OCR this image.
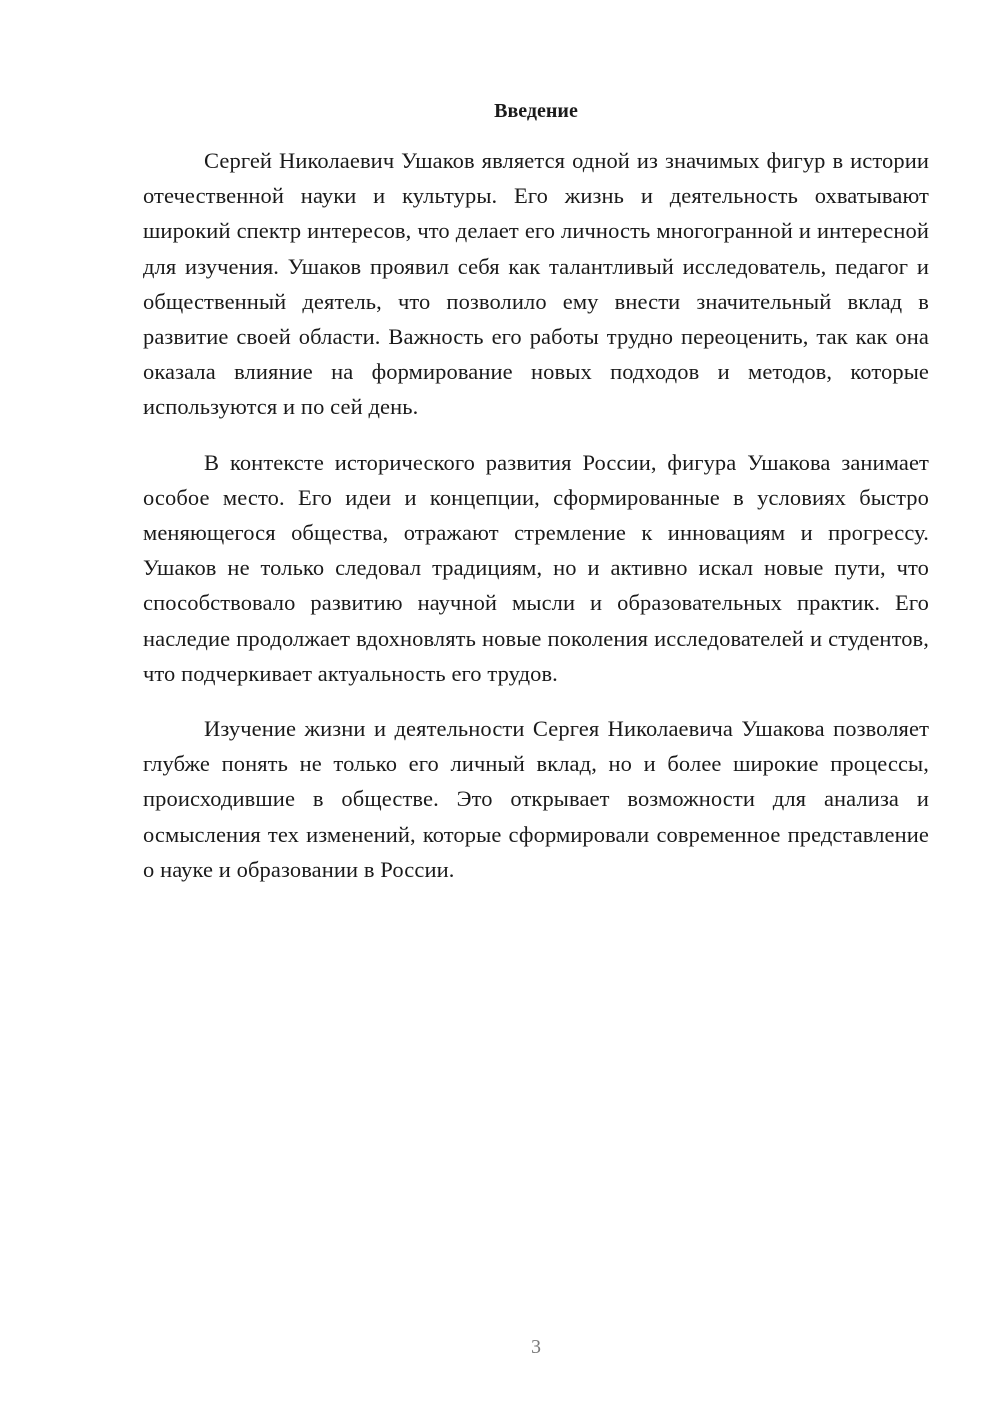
Введение

Сергей Николаевич Ушаков является одной из значимых фигур в истории отечественной науки и культуры. Его жизнь и деятельность охватывают широкий спектр интересов, что делает его личность многогранной и интересной для изучения. Ушаков проявил себя как талантливый исследователь, педагог и общественный деятель, что позволило ему внести значительный вклад в развитие своей области. Важность его работы трудно переоценить, так как она оказала влияние на формирование новых подходов и методов, которые используются и по сей день.

В контексте исторического развития России, фигура Ушакова занимает особое место. Его идеи и концепции, сформированные в условиях быстро меняющегося общества, отражают стремление к инновациям и прогрессу. Ушаков не только следовал традициям, но и активно искал новые пути, что способствовало развитию научной мысли и образовательных практик. Его наследие продолжает вдохновлять новые поколения исследователей и студентов, что подчеркивает актуальность его трудов.

Изучение жизни и деятельности Сергея Николаевича Ушакова позволяет глубже понять не только его личный вклад, но и более широкие процессы, происходившие в обществе. Это открывает возможности для анализа и осмысления тех изменений, которые сформировали современное представление о науке и образовании в России.

3
